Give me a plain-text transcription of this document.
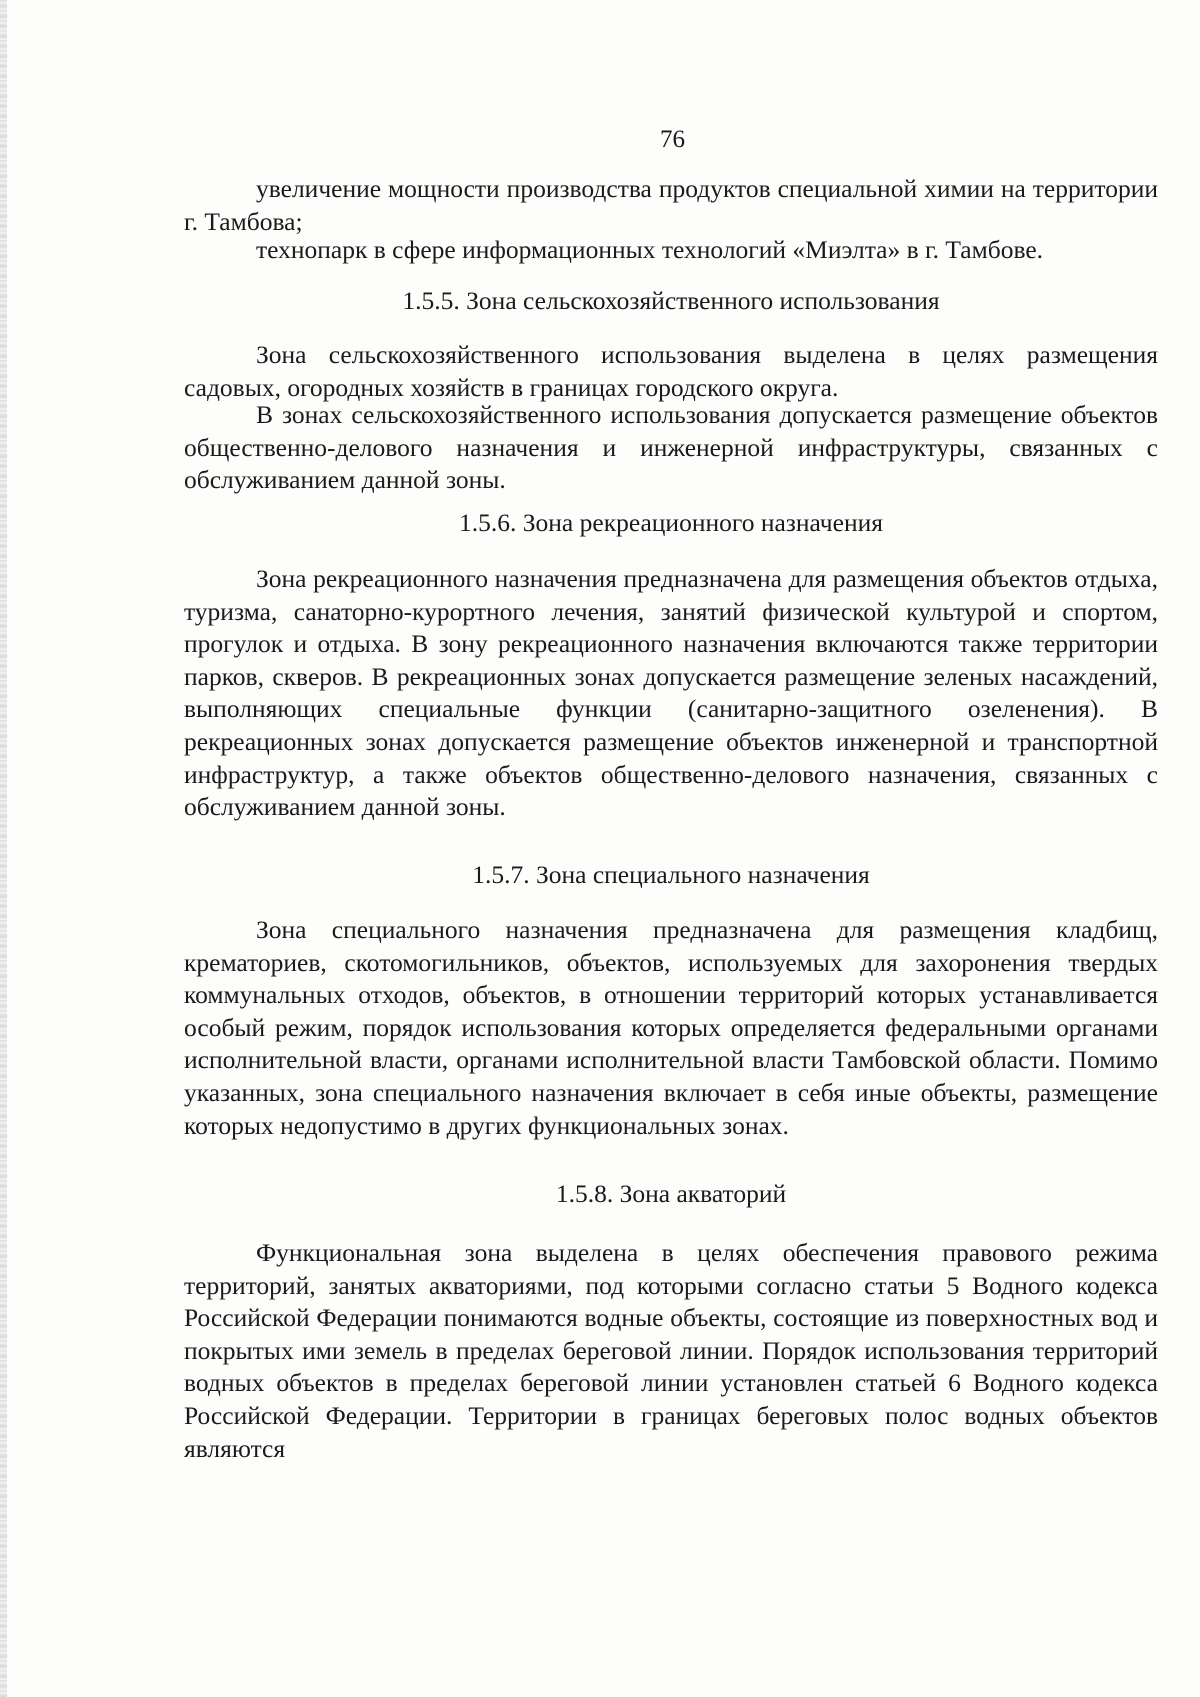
76
увеличение мощности производства продуктов специальной химии на территории г. Тамбова;
технопарк в сфере информационных технологий «Миэлта» в г. Тамбове.
1.5.5. Зона сельскохозяйственного использования
Зона сельскохозяйственного использования выделена в целях размещения садовых, огородных хозяйств в границах городского округа.
В зонах сельскохозяйственного использования допускается размещение объектов общественно-делового назначения и инженерной инфраструктуры, связанных с обслуживанием данной зоны.
1.5.6. Зона рекреационного назначения
Зона рекреационного назначения предназначена для размещения объектов отдыха, туризма, санаторно-курортного лечения, занятий физической культурой и спортом, прогулок и отдыха. В зону рекреационного назначения включаются также территории парков, скверов. В рекреационных зонах допускается размещение зеленых насаждений, выполняющих специальные функции (санитарно-защитного озеленения). В рекреационных зонах допускается размещение объектов инженерной и транспортной инфраструктур, а также объектов общественно-делового назначения, связанных с обслуживанием данной зоны.
1.5.7. Зона специального назначения
Зона специального назначения предназначена для размещения кладбищ, крематориев, скотомогильников, объектов, используемых для захоронения твердых коммунальных отходов, объектов, в отношении территорий которых устанавливается особый режим, порядок использования которых определяется федеральными органами исполнительной власти, органами исполнительной власти Тамбовской области. Помимо указанных, зона специального назначения включает в себя иные объекты, размещение которых недопустимо в других функциональных зонах.
1.5.8. Зона акваторий
Функциональная зона выделена в целях обеспечения правового режима территорий, занятых акваториями, под которыми согласно статьи 5 Водного кодекса Российской Федерации понимаются водные объекты, состоящие из поверхностных вод и покрытых ими земель в пределах береговой линии. Порядок использования территорий водных объектов в пределах береговой линии установлен статьей 6 Водного кодекса Российской Федерации. Территории в границах береговых полос водных объектов являются
